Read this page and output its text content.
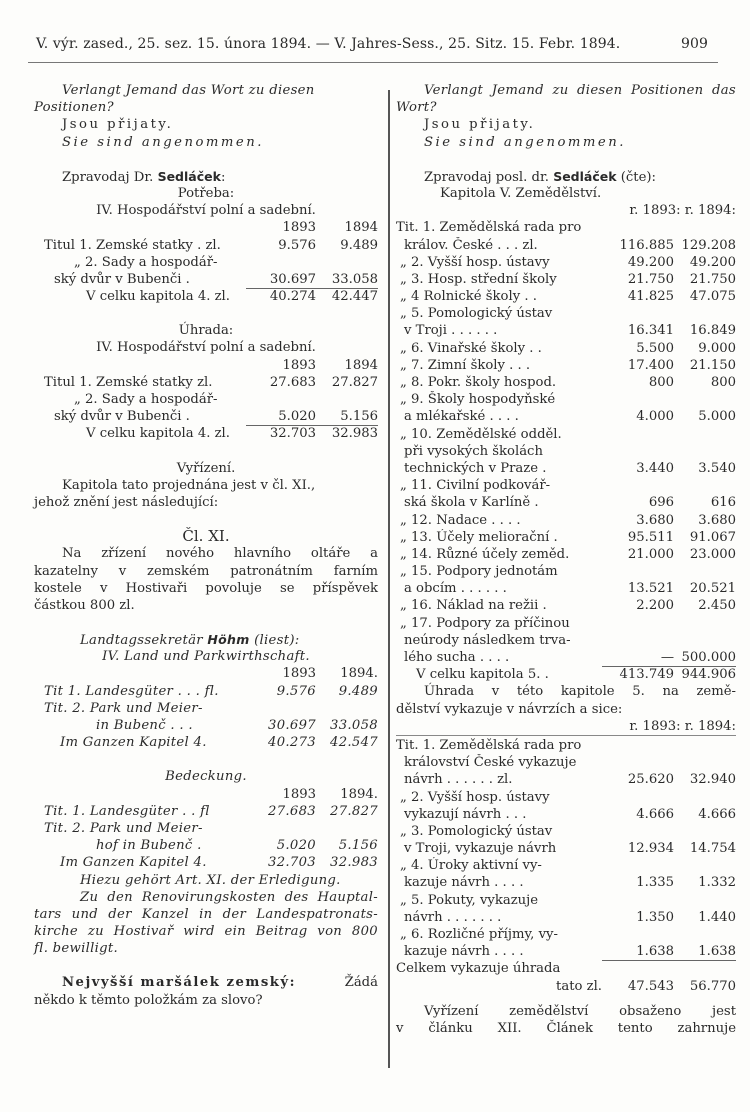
V. výr. zased., 25. sez. 15. února 1894. — V. Jahres-Sess., 25. Sitz. 15. Febr. 1894.	909
Verlangt Jemand das Wort zu diesen
Positionen?
Jsou přijaty.
Sie sind angenommen.
Zpravodaj Dr. Sedláček:
Potřeba:
IV. Hospodářství polní a sadební.
1893	1894
Titul 1. Zemské statky . zl.	9.576	9.489
„ 2. Sady a hospodář-
ský dvůr v Bubenči .	30.697	33.058
V celku kapitola 4. zl.	40.274	42.447
Úhrada:
IV. Hospodářství polní a sadební.
1893	1894
Titul 1. Zemské statky zl.	27.683	27.827
„ 2. Sady a hospodář-
ský dvůr v Bubenči .	5.020	5.156
V celku kapitola 4. zl.	32.703	32.983
Vyřízení.
Kapitola tato projednána jest v čl. XI.,
jehož znění jest následující:
Čl. XI.
Na zřízení nového hlavního oltáře a
kazatelny v zemském patronátním farním
kostele v Hostivaři povoluje se příspěvek
částkou 800 zl.
Landtagssekretär Höhm (liest):
IV. Land und Parkwirthschaft.
1893	1894.
Tit 1. Landesgüter . . . fl.	9.576	9.489
Tit. 2. Park und Meier-
in Bubenč . . .	30.697	33.058
Im Ganzen Kapitel 4.	40.273	42.547
Bedeckung.
1893	1894.
Tit. 1. Landesgüter . . fl	27.683	27.827
Tit. 2. Park und Meier-
hof in Bubenč .	5.020	5.156
Im Ganzen Kapitel 4.	32.703	32.983
Hiezu gehört Art. XI. der Erledigung.
Zu den Renovirungskosten des Hauptal-
tars und der Kanzel in der Landespatronats-
kirche zu Hostivař wird ein Beitrag von 800
fl. bewilligt.
Nejvyšší maršálek zemský:	Žádá
někdo k těmto položkám za slovo?
Verlangt Jemand zu diesen Positionen das
Wort?
Jsou přijaty.
Sie sind angenommen.
Zpravodaj posl. dr. Sedláček (čte):
Kapitola V. Zemědělství.
r. 1893: r. 1894:
Tit. 1. Zemědělská rada pro
králov. České . . . zl.	116.885 129.208
„ 2. Vyšší hosp. ústavy	49.200	49.200
„ 3. Hosp. střední školy	21.750	21.750
„ 4 Rolnické školy . .	41.825	47.075
„ 5. Pomologický ústav
v Troji . . . . . .	16.341	16.849
„ 6. Vinařské školy . .	5.500	9.000
„ 7. Zimní školy . . .	17.400	21.150
„ 8. Pokr. školy hospod.	800	800
„ 9. Školy hospodyňské
a mlékařské . . . .	4.000	5.000
„ 10. Zemědělské odděl.
při vysokých školách
technických v Praze .	3.440	3.540
„ 11. Civilní podkovář-
ská škola v Karlíně .	696	616
„ 12. Nadace . . . .	3.680	3.680
„ 13. Účely meliorační .	95.511	91.067
„ 14. Různé účely zeměd.	21.000	23.000
„ 15. Podpory jednotám
a obcím . . . . . .	13.521	20.521
„ 16. Náklad na režii .	2.200	2.450
„ 17. Podpory za příčinou
neúrody následkem trva-
lého sucha . . . .	— 500.000
V celku kapitola 5. .	413.749 944.906
Úhrada v této kapitole 5. na země-
dělství vykazuje v návrzích a sice:
r. 1893: r. 1894:
Tit. 1. Zemědělská rada pro
království České vykazuje
návrh . . . . . . zl.	25.620	32.940
„ 2. Vyšší hosp. ústavy
vykazují návrh . . .	4.666	4.666
„ 3. Pomologický ústav
v Troji, vykazuje návrh	12.934	14.754
„ 4. Úroky aktivní vy-
kazuje návrh . . . .	1.335	1.332
„ 5. Pokuty, vykazuje
návrh . . . . . . .	1.350	1.440
„ 6. Rozličné příjmy, vy-
kazuje návrh . . . .	1.638	1.638
Celkem vykazuje úhrada
tato zl.	47.543	56.770
Vyřízení zemědělství obsaženo jest
v článku XII. Článek tento zahrnuje
